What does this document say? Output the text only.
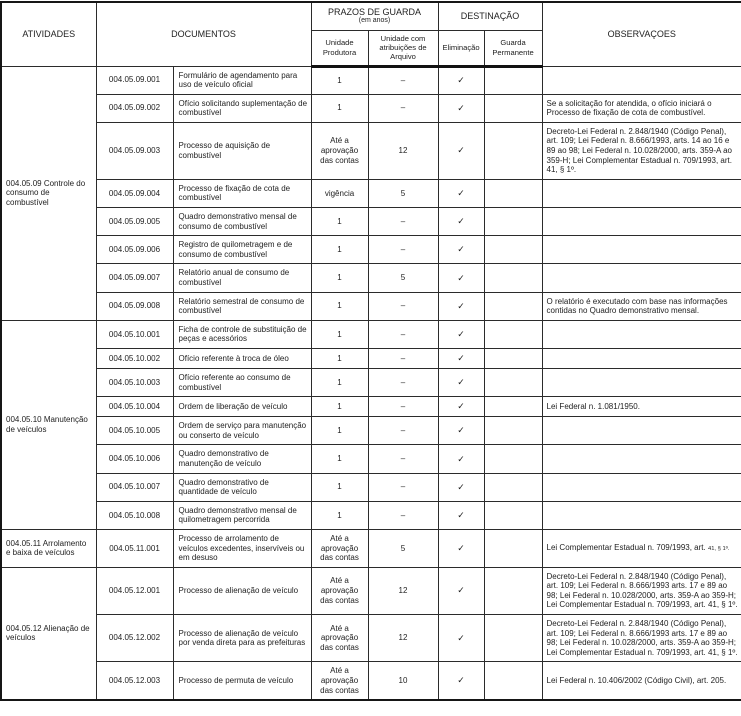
ATIVIDADES	DOCUMENTOS		PRAZOS DE GUARDA
(em anos)		DESTINAÇÃO		OBSERVAÇOES
			Unidade Produtora	Unidade com atribuições de Arquivo	Eliminação	Guarda Permanente	
004.05.09 Controle do consumo de combustível	004.05.09.001	Formulário de agendamento para uso de veículo oficial	1	–	✓		
	004.05.09.002	Ofício solicitando suplementação de combustível	1	–	✓		Se a solicitação for atendida, o ofício iniciará o Processo de fixação de cota de combustível.
	004.05.09.003	Processo de aquisição de combustível	Até a aprovação das contas	12	✓		Decreto-Lei Federal n. 2.848/1940 (Código Penal), art. 109; Lei Federal n. 8.666/1993, arts. 14 ao 16 e 89 ao 98; Lei Federal n. 10.028/2000, arts. 359-A ao 359-H; Lei Complementar Estadual n. 709/1993, art. 41, § 1º.
	004.05.09.004	Processo de fixação de cota de combustível	vigência	5	✓		
	004.05.09.005	Quadro demonstrativo mensal de consumo de combustível	1	–	✓		
	004.05.09.006	Registro de quilometragem e de consumo de combustível	1	–	✓		
	004.05.09.007	Relatório anual de consumo de combustível	1	5	✓		
	004.05.09.008	Relatório semestral de consumo de combustível	1	–	✓		O relatório é executado com base nas informações contidas no Quadro demonstrativo mensal.
004.05.10 Manutenção de veículos	004.05.10.001	Ficha de controle de substituição de peças e acessórios	1	–	✓		
	004.05.10.002	Ofício referente à troca de óleo	1	–	✓		
	004.05.10.003	Ofício referente ao consumo de combustível	1	–	✓		
	004.05.10.004	Ordem de liberação de veículo	1	–	✓		Lei Federal n. 1.081/1950.
	004.05.10.005	Ordem de serviço para manutenção ou conserto de veículo	1	–	✓		
	004.05.10.006	Quadro demonstrativo de manutenção de veículo	1	–	✓		
	004.05.10.007	Quadro demonstrativo de quantidade de veículo	1	–	✓		
	004.05.10.008	Quadro demonstrativo mensal de quilometragem percorrida	1	–	✓		
004.05.11 Arrolamento e baixa de veículos	004.05.11.001	Processo de arrolamento de veículos excedentes, inservíveis ou em desuso	Até a aprovação das contas	5	✓		Lei Complementar Estadual n. 709/1993, art. 41, § 1º.
004.05.12 Alienação de veículos	004.05.12.001	Processo de alienação de veículo	Até a aprovação das contas	12	✓		Decreto-Lei Federal n. 2.848/1940 (Código Penal), art. 109; Lei Federal n. 8.666/1993 arts. 17 e 89 ao 98; Lei Federal n. 10.028/2000, arts. 359-A ao 359-H; Lei Complementar Estadual n. 709/1993, art. 41, § 1º.
	004.05.12.002	Processo de alienação de veículo por venda direta para as prefeituras	Até a aprovação das contas	12	✓		Decreto-Lei Federal n. 2.848/1940 (Código Penal), art. 109; Lei Federal n. 8.666/1993 arts. 17 e 89 ao 98; Lei Federal n. 10.028/2000, arts. 359-A ao 359-H; Lei Complementar Estadual n. 709/1993, art. 41, § 1º.
	004.05.12.003	Processo de permuta de veículo	Até a aprovação das contas	10	✓		Lei Federal n. 10.406/2002 (Código Civil), art. 205.
